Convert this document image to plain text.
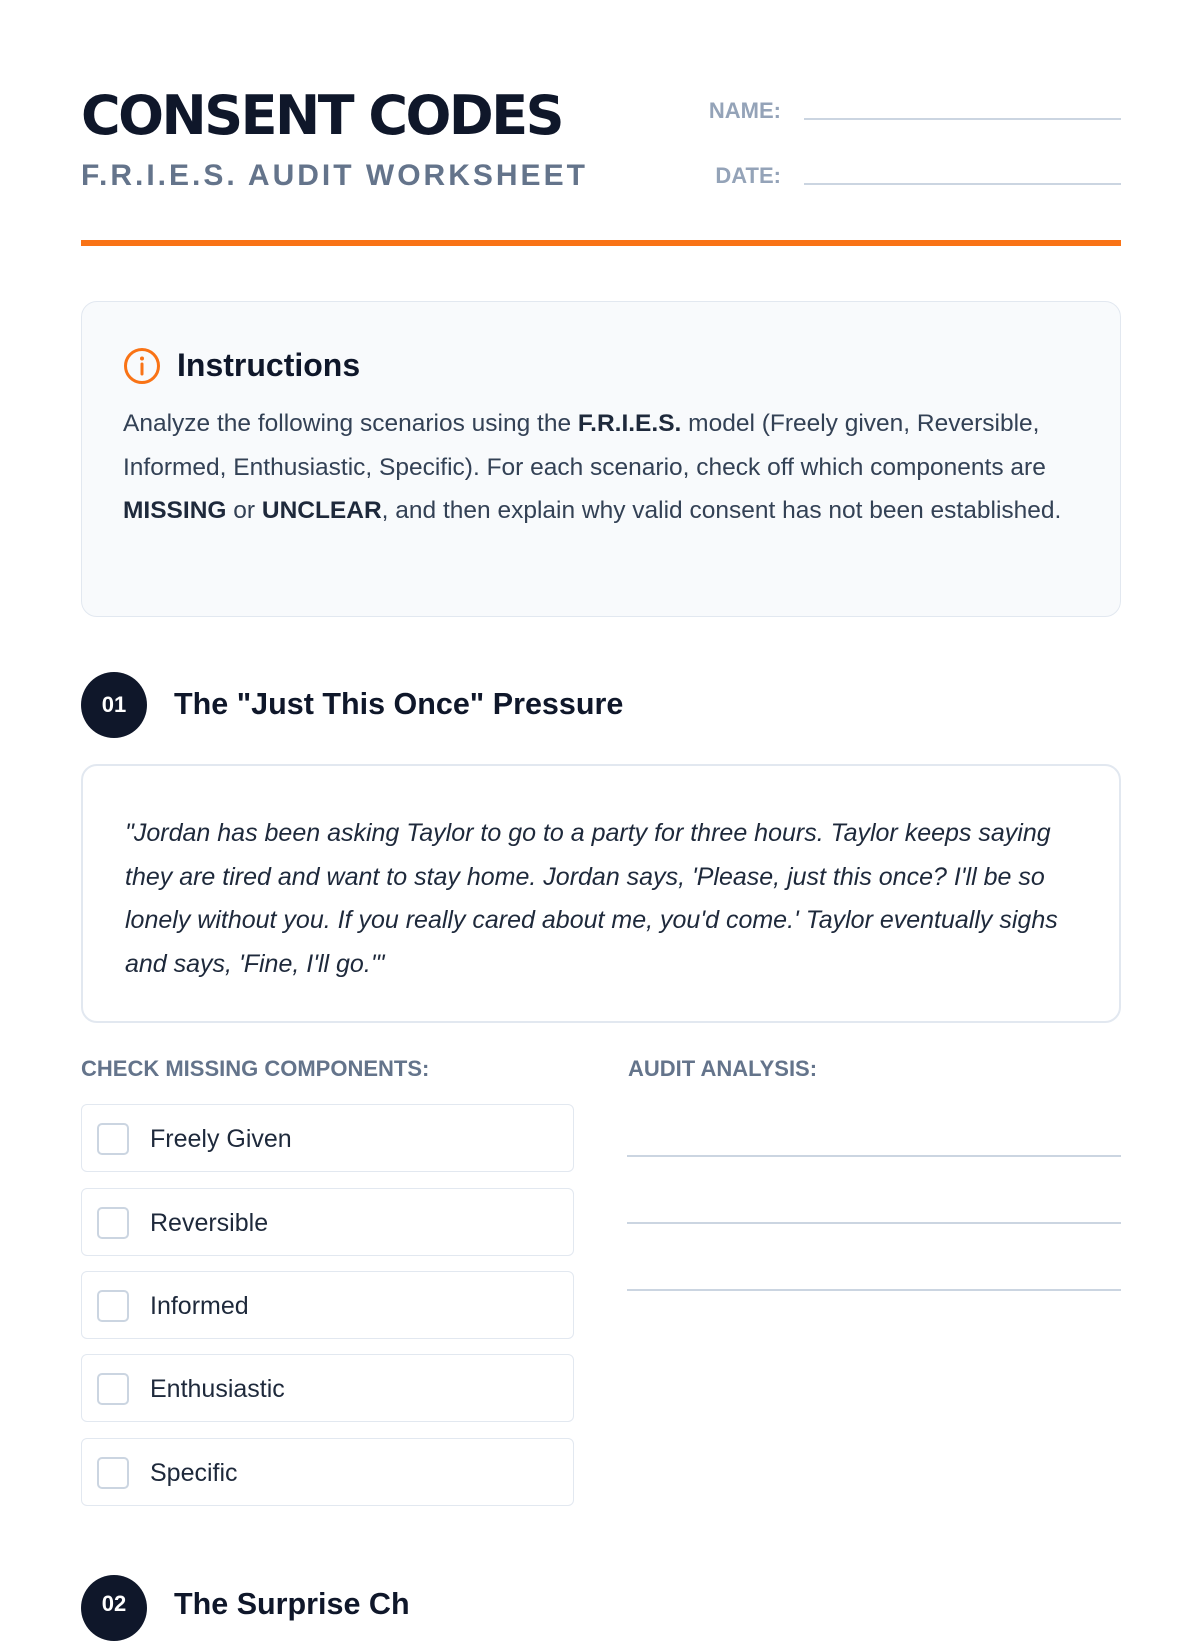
CONSENT CODES
F.R.I.E.S. AUDIT WORKSHEET
NAME:
DATE:
Instructions
Analyze the following scenarios using the F.R.I.E.S. model (Freely given, Reversible, Informed, Enthusiastic, Specific). For each scenario, check off which components are MISSING or UNCLEAR, and then explain why valid consent has not been established.
01	The "Just This Once" Pressure
"Jordan has been asking Taylor to go to a party for three hours. Taylor keeps saying they are tired and want to stay home. Jordan says, 'Please, just this once? I'll be so lonely without you. If you really cared about me, you'd come.' Taylor eventually sighs and says, 'Fine, I'll go.'"
CHECK MISSING COMPONENTS:	AUDIT ANALYSIS:
Freely Given
Reversible
Informed
Enthusiastic
Specific
02	The Surprise Ch
